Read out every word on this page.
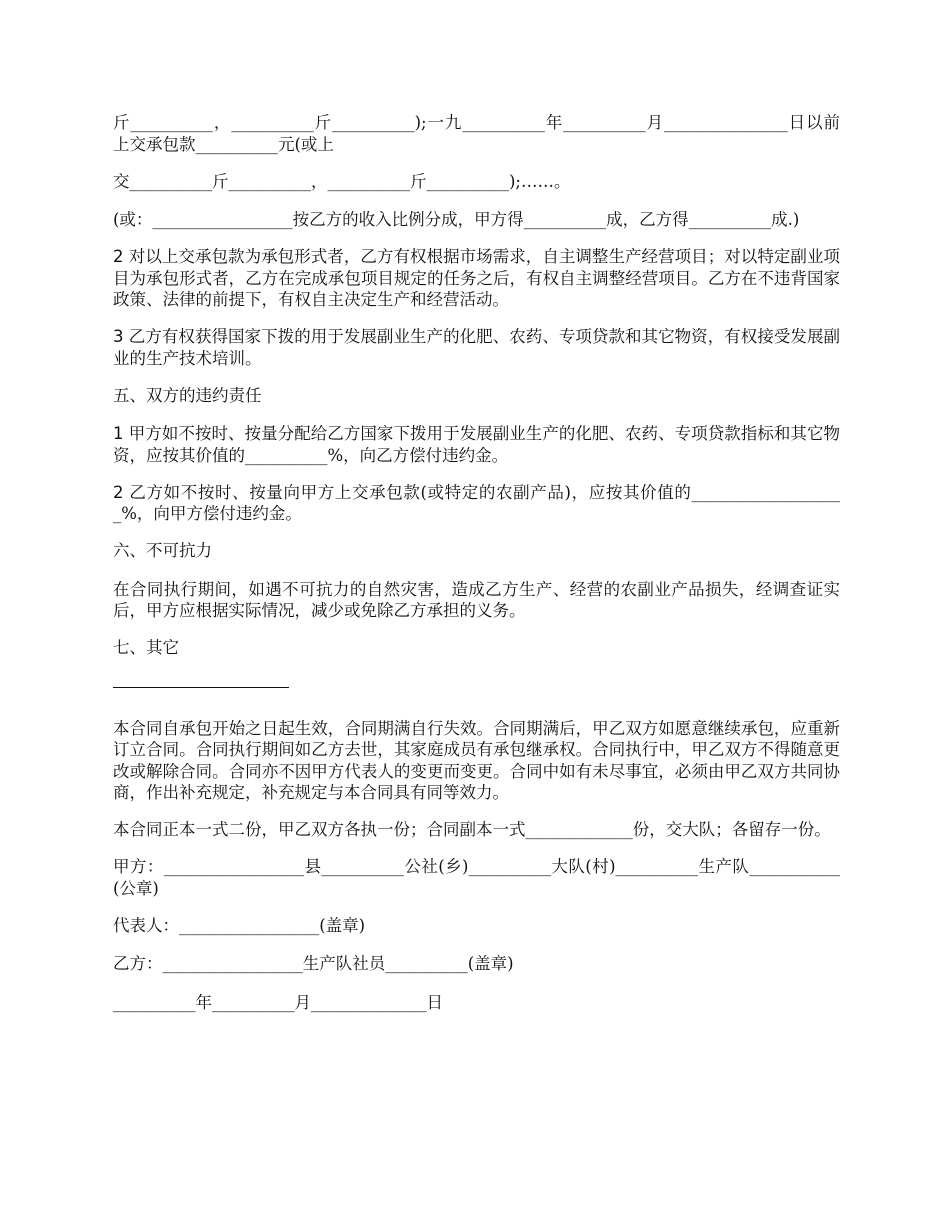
斤__________，__________斤__________);一九__________年__________月_______________日以前上交承包款__________元(或上

交__________斤__________，__________斤__________);……。

(或：_________________按乙方的收入比例分成，甲方得__________成，乙方得__________成.)

2 对以上交承包款为承包形式者，乙方有权根据市场需求，自主调整生产经营项目；对以特定副业项目为承包形式者，乙方在完成承包项目规定的任务之后，有权自主调整经营项目。乙方在不违背国家政策、法律的前提下，有权自主决定生产和经营活动。

3 乙方有权获得国家下拨的用于发展副业生产的化肥、农药、专项贷款和其它物资，有权接受发展副业的生产技术培训。

五、双方的违约责任

1 甲方如不按时、按量分配给乙方国家下拨用于发展副业生产的化肥、农药、专项贷款指标和其它物资，应按其价值的__________%，向乙方偿付违约金。

2 乙方如不按时、按量向甲方上交承包款(或特定的农副产品)，应按其价值的___________________%，向甲方偿付违约金。

六、不可抗力

在合同执行期间，如遇不可抗力的自然灾害，造成乙方生产、经营的农副业产品损失，经调查证实后，甲方应根据实际情况，减少或免除乙方承担的义务。

七、其它

本合同自承包开始之日起生效，合同期满自行失效。合同期满后，甲乙双方如愿意继续承包，应重新订立合同。合同执行期间如乙方去世，其家庭成员有承包继承权。合同执行中，甲乙双方不得随意更改或解除合同。合同亦不因甲方代表人的变更而变更。合同中如有未尽事宜，必须由甲乙双方共同协商，作出补充规定，补充规定与本合同具有同等效力。

本合同正本一式二份，甲乙双方各执一份；合同副本一式_____________份，交大队；各留存一份。

甲方：_________________县__________公社(乡)__________大队(村)__________生产队___________(公章)

代表人：_________________(盖章)

乙方：_________________生产队社员__________(盖章)

__________年__________月______________日
